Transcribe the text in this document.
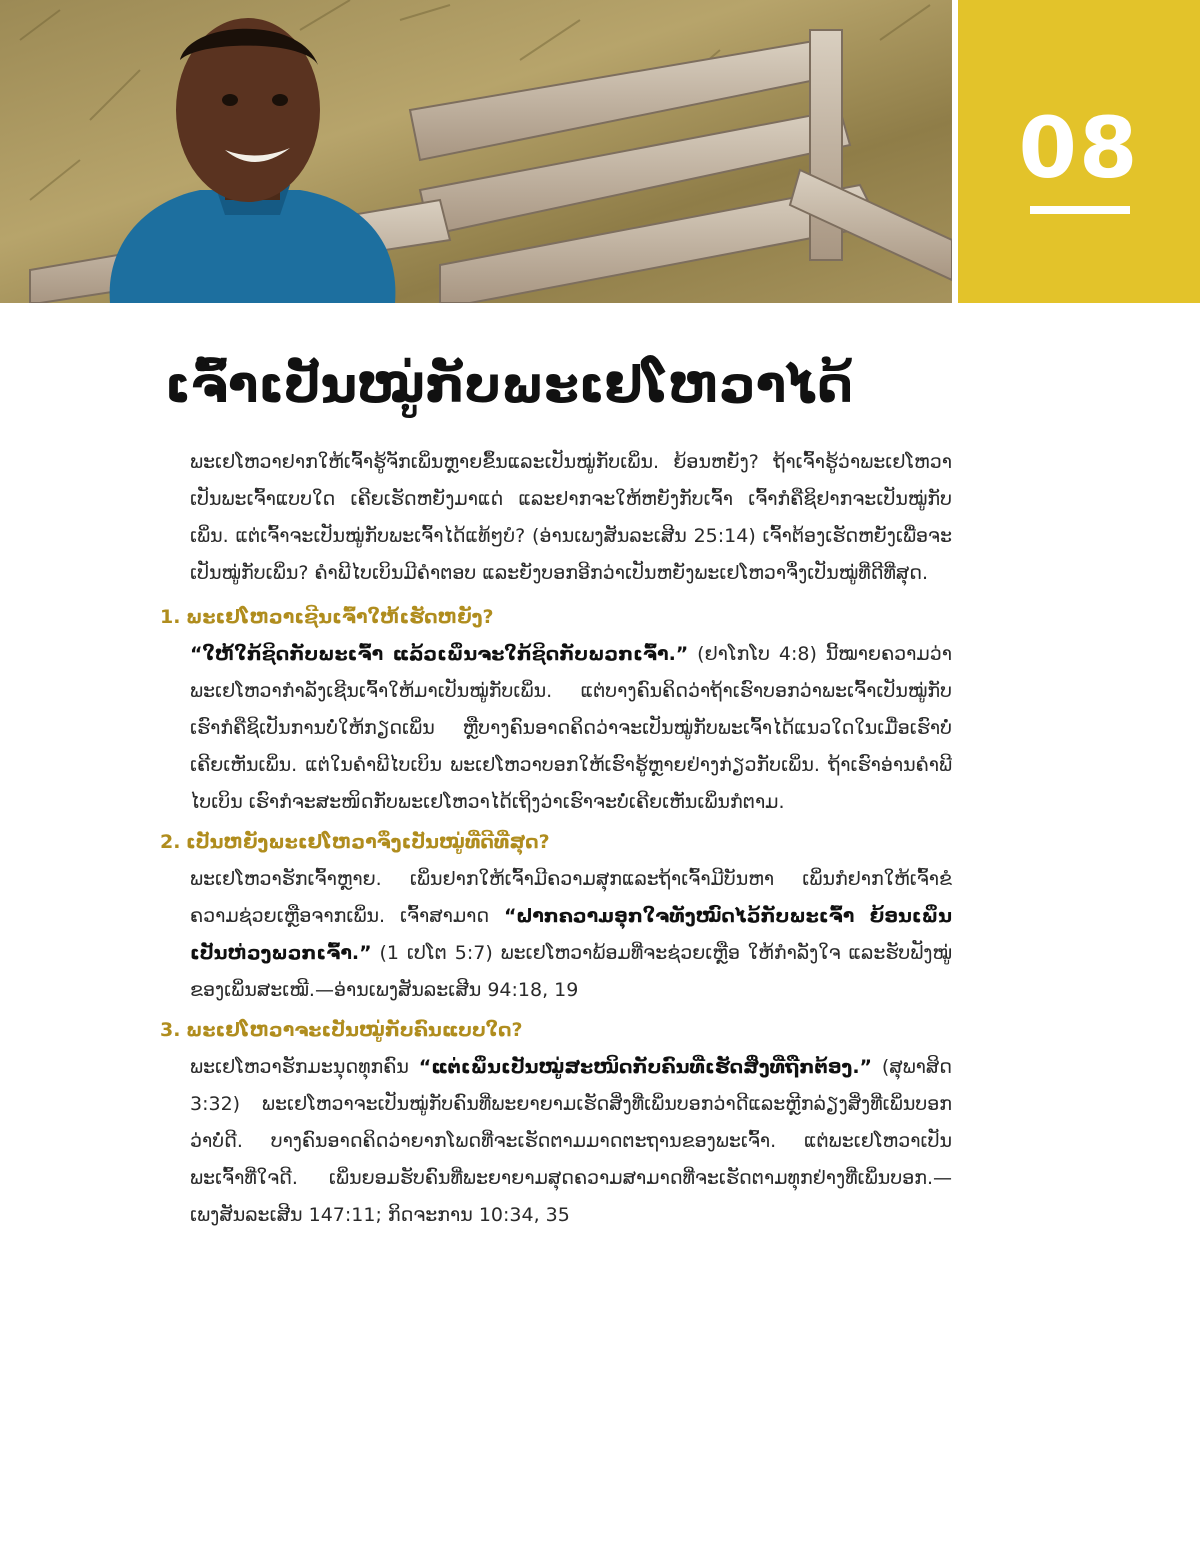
08
ເຈົ້າເປັນໝູ່ກັບພະເຢໂຫວາໄດ້

ພະເຢໂຫວາຢາກໃຫ້ເຈົ້າຮູ້ຈັກເພິ່ນຫຼາຍຂຶ້ນແລະເປັນໝູ່ກັບເພິ່ນ. ຍ້ອນຫຍັງ? ຖ້າເຈົ້າຮູ້ວ່າພະເຢໂຫວາເປັນພະເຈົ້າແບບໃດ ເຄີຍເຮັດຫຍັງມາແດ່ ແລະຢາກຈະໃຫ້ຫຍັງກັບເຈົ້າ ເຈົ້າກໍຄືຊິຢາກຈະເປັນໝູ່ກັບເພິ່ນ. ແຕ່ເຈົ້າຈະເປັນໝູ່ກັບພະເຈົ້າໄດ້ແທ້ໆບໍ? (ອ່ານເພງສັນລະເສີນ 25:14) ເຈົ້າຕ້ອງເຮັດຫຍັງເພື່ອຈະເປັນໝູ່ກັບເພິ່ນ? ຄຳພີໄບເບິນມີຄຳຕອບ ແລະຍັງບອກອີກວ່າເປັນຫຍັງພະເຢໂຫວາຈຶ່ງເປັນໝູ່ທີ່ດີທີ່ສຸດ.

1. ພະເຢໂຫວາເຊີນເຈົ້າໃຫ້ເຮັດຫຍັງ?

“ໃຫ້ໃກ້ຊິດກັບພະເຈົ້າ ແລ້ວເພິ່ນຈະໃກ້ຊິດກັບພວກເຈົ້າ.” (ຢາໂກໂບ 4:8) ນີ້ໝາຍຄວາມວ່າ ພະເຢໂຫວາກຳລັງເຊີນເຈົ້າໃຫ້ມາເປັນໝູ່ກັບເພິ່ນ. ແຕ່ບາງຄົນຄິດວ່າຖ້າເຮົາບອກວ່າພະເຈົ້າເປັນໝູ່ກັບເຮົາກໍຄືຊິເປັນການບໍ່ໃຫ້ກຽດເພິ່ນ ຫຼືບາງຄົນອາດຄິດວ່າຈະເປັນໝູ່ກັບພະເຈົ້າໄດ້ແນວໃດໃນເມື່ອເຮົາບໍ່ເຄີຍເຫັນເພິ່ນ. ແຕ່ໃນຄຳພີໄບເບິນ ພະເຢໂຫວາບອກໃຫ້ເຮົາຮູ້ຫຼາຍຢ່າງກ່ຽວກັບເພິ່ນ. ຖ້າເຮົາອ່ານຄຳພີໄບເບິນ ເຮົາກໍຈະສະໜິດກັບພະເຢໂຫວາໄດ້ເຖິງວ່າເຮົາຈະບໍ່ເຄີຍເຫັນເພິ່ນກໍຕາມ.

2. ເປັນຫຍັງພະເຢໂຫວາຈຶ່ງເປັນໝູ່ທີ່ດີທີ່ສຸດ?

ພະເຢໂຫວາຮັກເຈົ້າຫຼາຍ. ເພິ່ນຢາກໃຫ້ເຈົ້າມີຄວາມສຸກແລະຖ້າເຈົ້າມີບັນຫາ ເພິ່ນກໍຢາກໃຫ້ເຈົ້າຂໍຄວາມຊ່ວຍເຫຼືອຈາກເພິ່ນ. ເຈົ້າສາມາດ “ຝາກຄວາມອຸກໃຈທັງໝົດໄວ້ກັບພະເຈົ້າ ຍ້ອນເພິ່ນເປັນຫ່ວງພວກເຈົ້າ.” (1 ເປໂຕ 5:7) ພະເຢໂຫວາພ້ອມທີ່ຈະຊ່ວຍເຫຼືອ ໃຫ້ກຳລັງໃຈ ແລະຮັບຟັງໝູ່ຂອງເພິ່ນສະເໝີ.—ອ່ານເພງສັນລະເສີນ 94:18, 19

3. ພະເຢໂຫວາຈະເປັນໝູ່ກັບຄົນແບບໃດ?

ພະເຢໂຫວາຮັກມະນຸດທຸກຄົນ “ແຕ່ເພິ່ນເປັນໝູ່ສະໜິດກັບຄົນທີ່ເຮັດສິ່ງທີ່ຖືກຕ້ອງ.” (ສຸພາສິດ 3:32) ພະເຢໂຫວາຈະເປັນໝູ່ກັບຄົນທີ່ພະຍາຍາມເຮັດສິ່ງທີ່ເພິ່ນບອກວ່າດີແລະຫຼີກລ່ຽງສິ່ງທີ່ເພິ່ນບອກວ່າບໍ່ດີ. ບາງຄົນອາດຄິດວ່າຍາກໂພດທີ່ຈະເຮັດຕາມມາດຕະຖານຂອງພະເຈົ້າ. ແຕ່ພະເຢໂຫວາເປັນພະເຈົ້າທີ່ໃຈດີ. ເພິ່ນຍອມຮັບຄົນທີ່ພະຍາຍາມສຸດຄວາມສາມາດທີ່ຈະເຮັດຕາມທຸກຢ່າງທີ່ເພິ່ນບອກ.—ເພງສັນລະເສີນ 147:11; ກິດຈະການ 10:34, 35
